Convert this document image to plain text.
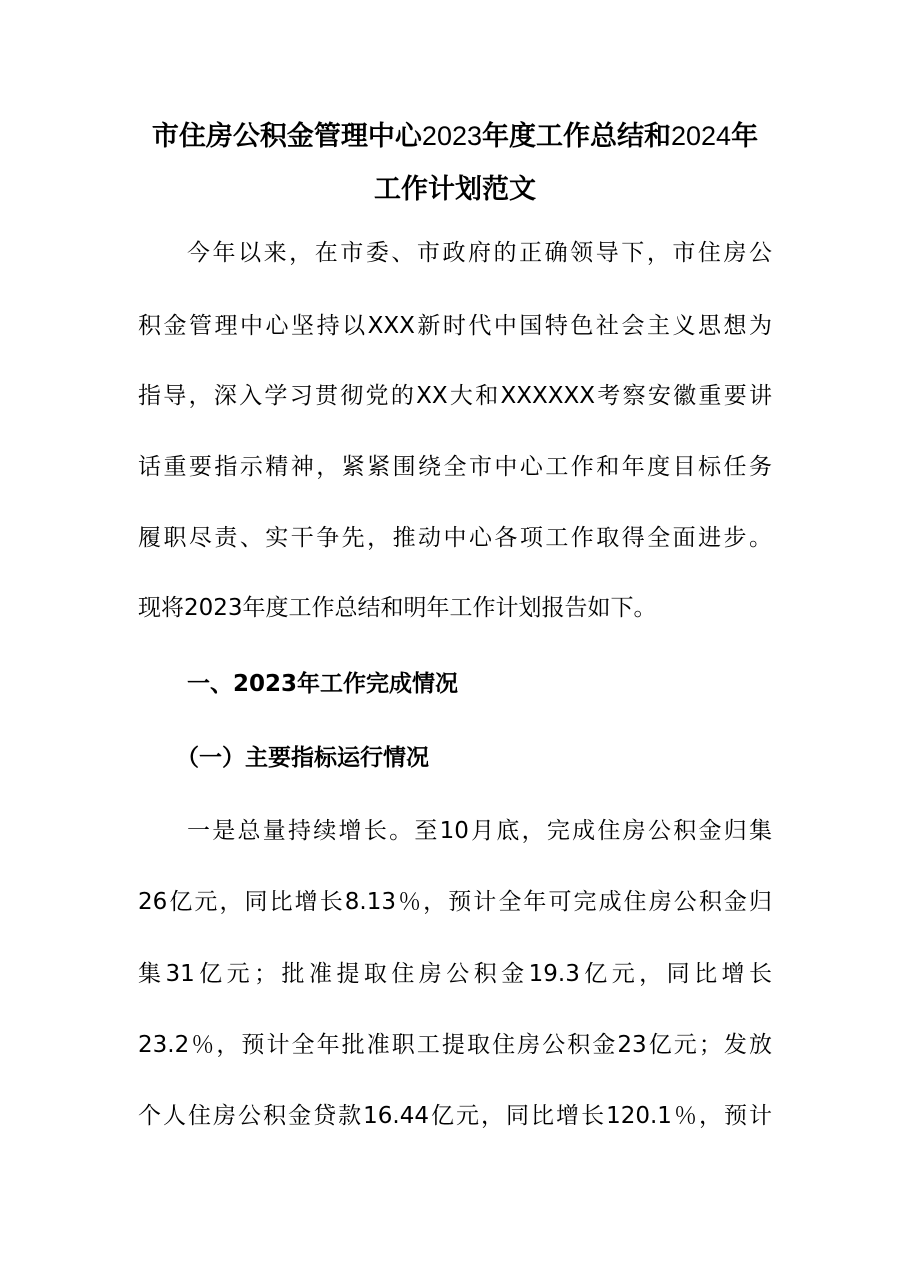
市住房公积金管理中心2023年度工作总结和2024年
工作计划范文

今年以来，在市委、市政府的正确领导下，市住房公

积金管理中心坚持以XXX新时代中国特色社会主义思想为

指导，深入学习贯彻党的XX大和XXXXXX考察安徽重要讲

话重要指示精神，紧紧围绕全市中心工作和年度目标任务

履职尽责、实干争先，推动中心各项工作取得全面进步。

现将2023年度工作总结和明年工作计划报告如下。

一、2023年工作完成情况
（一）主要指标运行情况

一是总量持续增长。至10月底，完成住房公积金归集

26亿元，同比增长8.13％，预计全年可完成住房公积金归

集31亿元；批准提取住房公积金19.3亿元，同比增长

23.2％，预计全年批准职工提取住房公积金23亿元；发放

个人住房公积金贷款16.44亿元，同比增长120.1％，预计
